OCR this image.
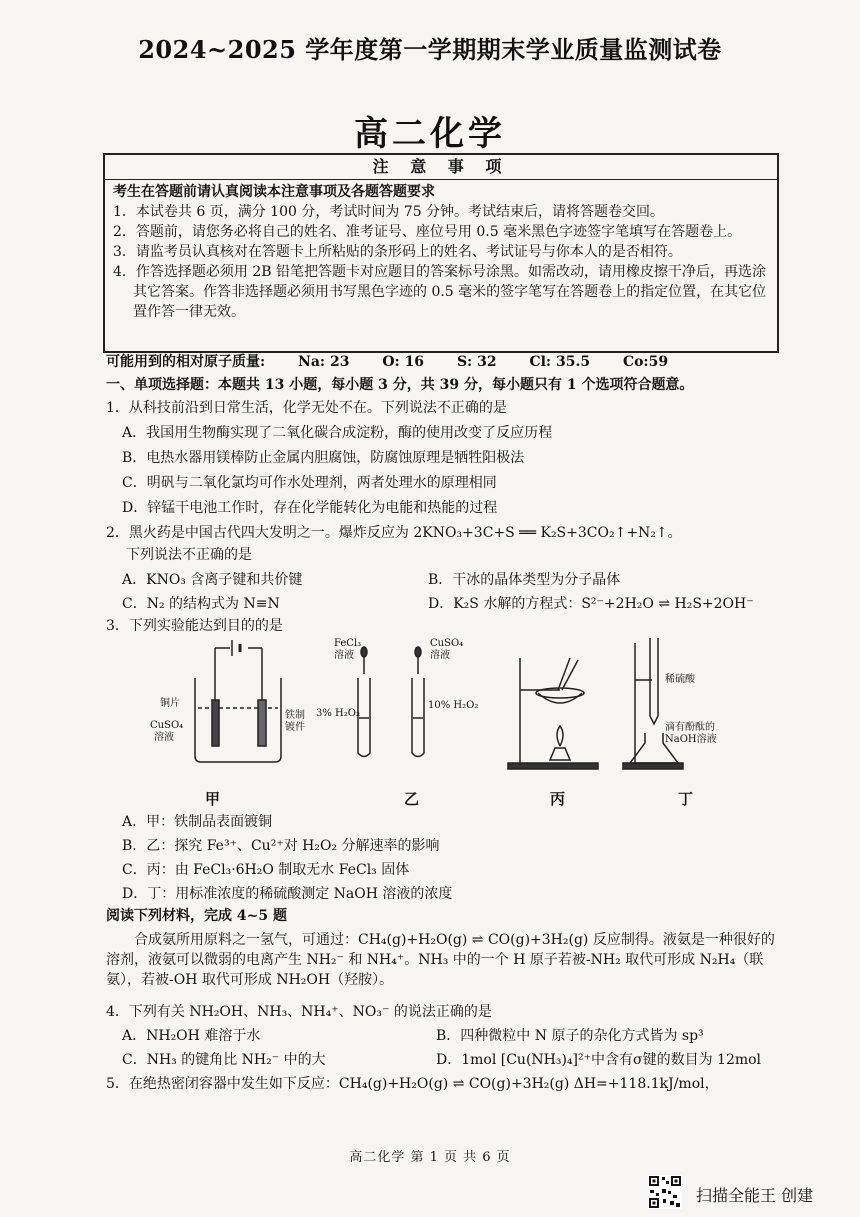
2024~2025 学年度第一学期期末学业质量监测试卷
高二化学
注 意 事 项
考生在答题前请认真阅读本注意事项及各题答题要求
1．本试卷共 6 页，满分 100 分，考试时间为 75 分钟。考试结束后，请将答题卷交回。
2．答题前，请您务必将自己的姓名、准考证号、座位号用 0.5 毫米黑色字迹签字笔填写在答题卷上。
3．请监考员认真核对在答题卡上所粘贴的条形码上的姓名、考试证号与你本人的是否相符。
4．作答选择题必须用 2B 铅笔把答题卡对应题目的答案标号涂黑。如需改动，请用橡皮擦干净后，再选涂其它答案。作答非选择题必须用书写黑色字迹的 0.5 毫米的签字笔写在答题卷上的指定位置，在其它位置作答一律无效。
可能用到的相对原子质量: Na: 23 O: 16 S: 32 Cl: 35.5 Co:59
一、单项选择题：本题共 13 小题，每小题 3 分，共 39 分，每小题只有 1 个选项符合题意。
1．从科技前沿到日常生活，化学无处不在。下列说法不正确的是
A．我国用生物酶实现了二氧化碳合成淀粉，酶的使用改变了反应历程
B．电热水器用镁棒防止金属内胆腐蚀，防腐蚀原理是牺牲阳极法
C．明矾与二氧化氯均可作水处理剂，两者处理水的原理相同
D．锌锰干电池工作时，存在化学能转化为电能和热能的过程
2．黑火药是中国古代四大发明之一。爆炸反应为 2KNO₃+3C+S ══ K₂S+3CO₂↑+N₂↑。
下列说法不正确的是
A．KNO₃ 含离子键和共价键	B．干冰的晶体类型为分子晶体
C．N₂ 的结构式为 N≡N	D．K₂S 水解的方程式：S²⁻+2H₂O ⇌ H₂S+2OH⁻
3．下列实验能达到目的的是
铜片
CuSO₄
溶液
铁制
镀件
FeCl₃
溶液
CuSO₄
溶液
3% H₂O₂
10% H₂O₂
稀硫酸
滴有酚酞的
NaOH溶液
甲	乙	丙	丁
A．甲：铁制品表面镀铜
B．乙：探究 Fe³⁺、Cu²⁺对 H₂O₂ 分解速率的影响
C．丙：由 FeCl₃·6H₂O 制取无水 FeCl₃ 固体
D．丁：用标准浓度的稀硫酸测定 NaOH 溶液的浓度
阅读下列材料，完成 4~5 题
合成氨所用原料之一氢气，可通过：CH₄(g)+H₂O(g) ⇌ CO(g)+3H₂(g) 反应制得。液氨是一种很好的溶剂，液氨可以微弱的电离产生 NH₂⁻ 和 NH₄⁺。NH₃ 中的一个 H 原子若被-NH₂ 取代可形成 N₂H₄（联氨），若被-OH 取代可形成 NH₂OH（羟胺）。
4．下列有关 NH₂OH、NH₃、NH₄⁺、NO₃⁻ 的说法正确的是
A．NH₂OH 难溶于水	B．四种微粒中 N 原子的杂化方式皆为 sp³
C．NH₃ 的键角比 NH₂⁻ 中的大	D．1mol [Cu(NH₃)₄]²⁺中含有σ键的数目为 12mol
5．在绝热密闭容器中发生如下反应：CH₄(g)+H₂O(g) ⇌ CO(g)+3H₂(g) ΔH=+118.1kJ/mol，
高二化学 第 1 页 共 6 页
扫描全能王 创建
